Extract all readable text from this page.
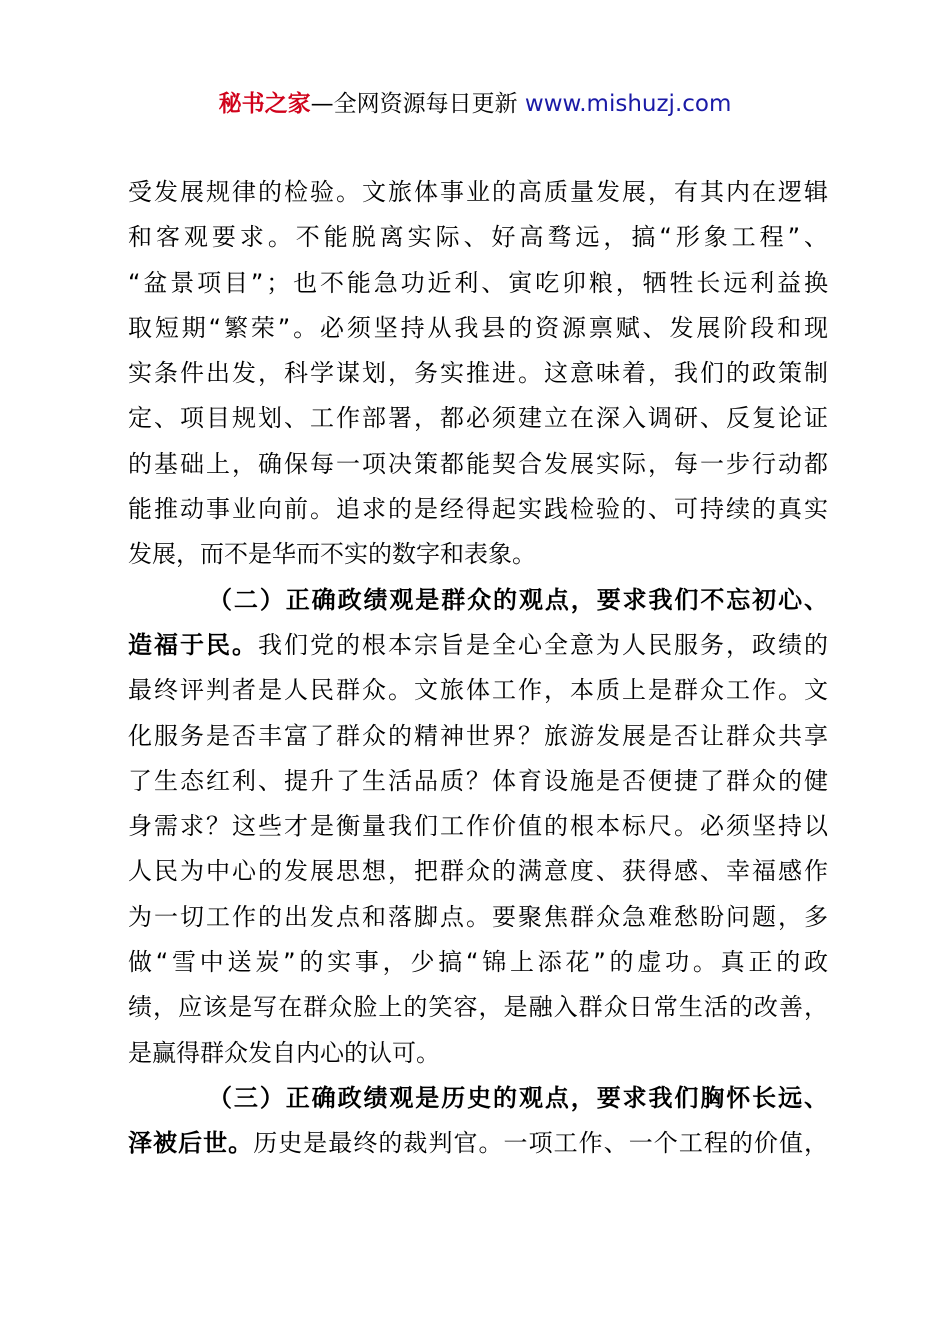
秘书之家—全网资源每日更新 www.mishuzj.com
受发展规律的检验。文旅体事业的高质量发展，有其内在逻辑
和客观要求。不能脱离实际、好高骛远，搞“形象工程”、
“盆景项目”；也不能急功近利、寅吃卯粮，牺牲长远利益换
取短期“繁荣”。必须坚持从我县的资源禀赋、发展阶段和现
实条件出发，科学谋划，务实推进。这意味着，我们的政策制
定、项目规划、工作部署，都必须建立在深入调研、反复论证
的基础上，确保每一项决策都能契合发展实际，每一步行动都
能推动事业向前。追求的是经得起实践检验的、可持续的真实
发展，而不是华而不实的数字和表象。
（二）正确政绩观是群众的观点，要求我们不忘初心、
造福于民。我们党的根本宗旨是全心全意为人民服务，政绩的
最终评判者是人民群众。文旅体工作，本质上是群众工作。文
化服务是否丰富了群众的精神世界？旅游发展是否让群众共享
了生态红利、提升了生活品质？体育设施是否便捷了群众的健
身需求？这些才是衡量我们工作价值的根本标尺。必须坚持以
人民为中心的发展思想，把群众的满意度、获得感、幸福感作
为一切工作的出发点和落脚点。要聚焦群众急难愁盼问题，多
做“雪中送炭”的实事，少搞“锦上添花”的虚功。真正的政
绩，应该是写在群众脸上的笑容，是融入群众日常生活的改善，
是赢得群众发自内心的认可。
（三）正确政绩观是历史的观点，要求我们胸怀长远、
泽被后世。历史是最终的裁判官。一项工作、一个工程的价值，
